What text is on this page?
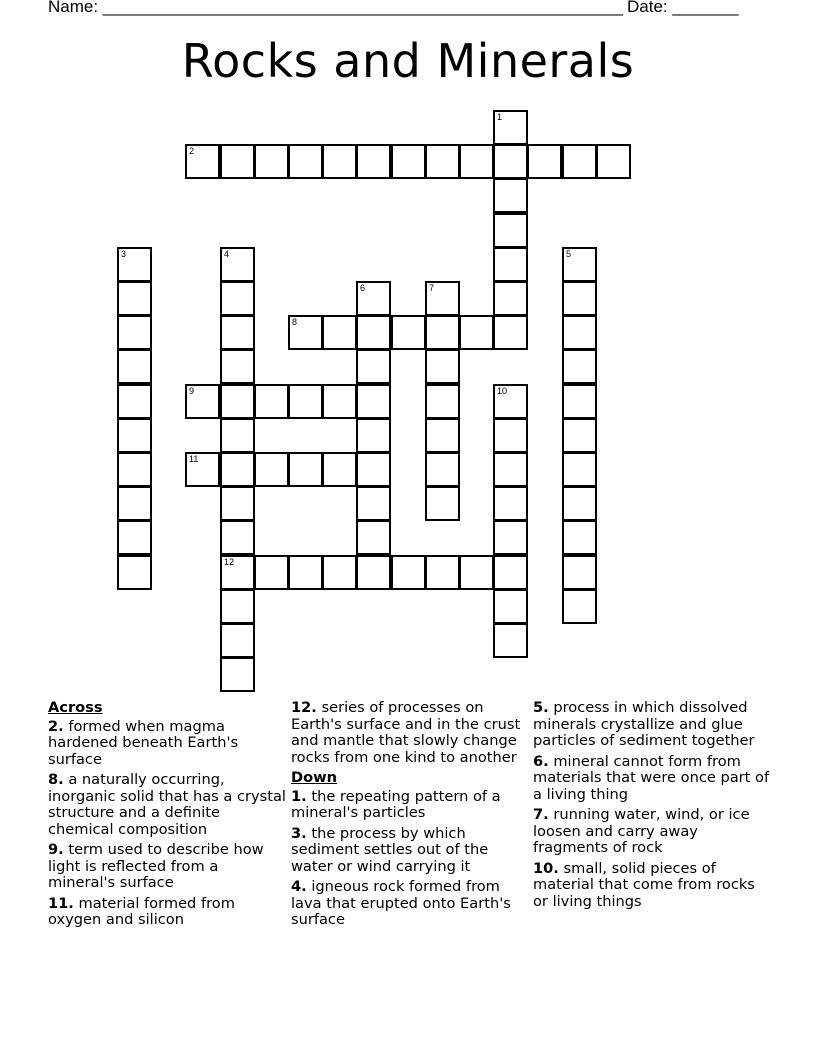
Name: _______________________________________________________ Date: _______
Rocks and Minerals
1
2
3	4
12
5
6	7
8
9	10
11
Across
2. formed when magma hardened beneath Earth's surface
8. a naturally occurring, inorganic solid that has a crystal structure and a definite chemical composition
9. term used to describe how light is reflected from a mineral's surface
11. material formed from oxygen and silicon
12. series of processes on Earth's surface and in the crust and mantle that slowly change rocks from one kind to another
Down
1. the repeating pattern of a mineral's particles
3. the process by which sediment settles out of the water or wind carrying it
4. igneous rock formed from lava that erupted onto Earth's surface
5. process in which dissolved minerals crystallize and glue particles of sediment together
6. mineral cannot form from materials that were once part of a living thing
7. running water, wind, or ice loosen and carry away fragments of rock
10. small, solid pieces of material that come from rocks or living things
